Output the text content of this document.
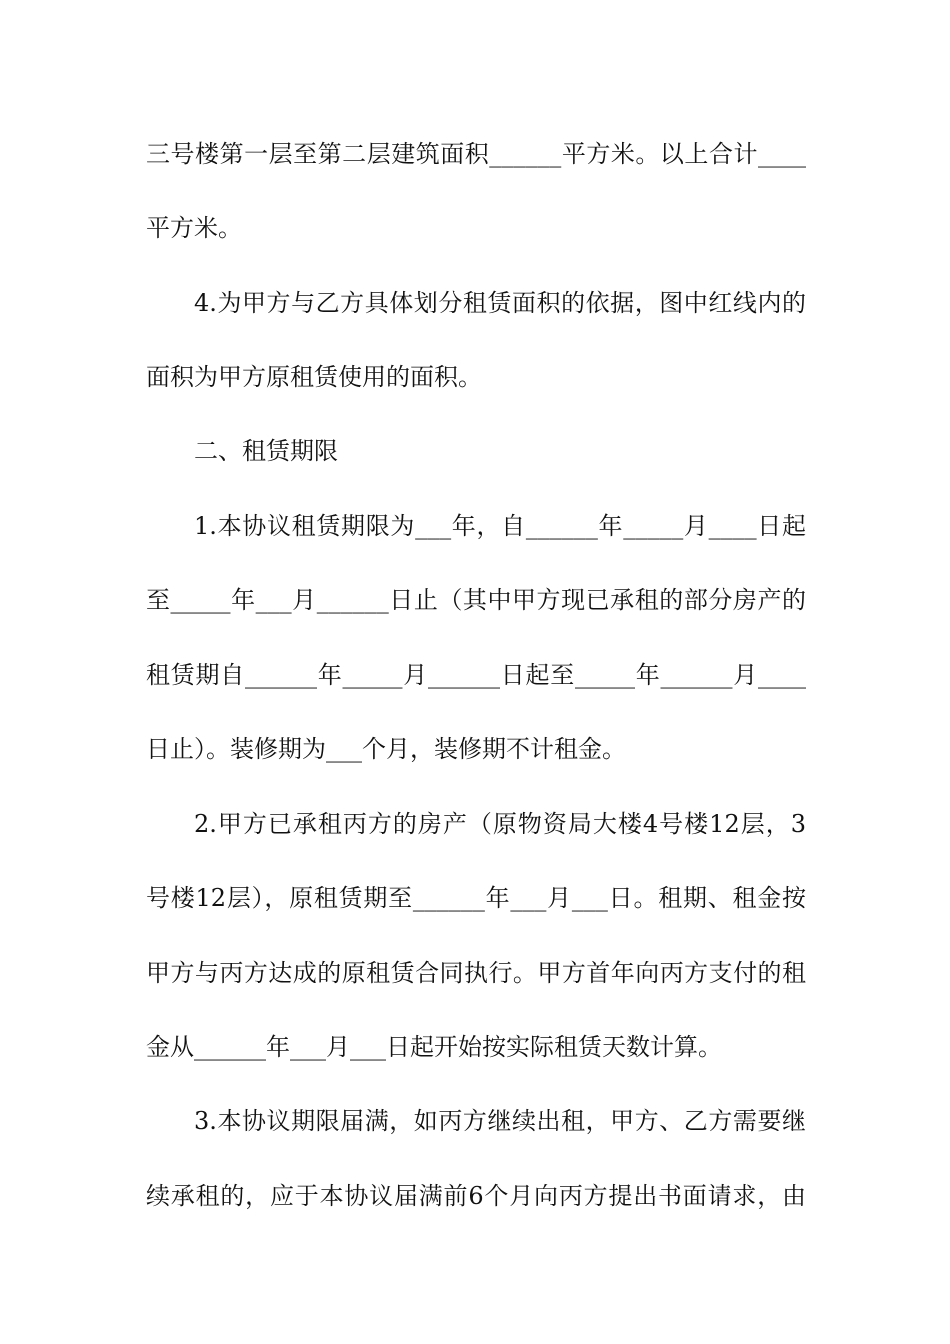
三号楼第一层至第二层建筑面积______平方米。以上合计____
平方米。
4.为甲方与乙方具体划分租赁面积的依据，图中红线内的
面积为甲方原租赁使用的面积。
二、租赁期限
1.本协议租赁期限为___年，自______年_____月____日起
至_____年___月______日止（其中甲方现已承租的部分房产的
租赁期自______年_____月______日起至_____年______月____
日止）。装修期为___个月，装修期不计租金。
2.甲方已承租丙方的房产（原物资局大楼4号楼12层，3
号楼12层），原租赁期至______年___月___日。租期、租金按
甲方与丙方达成的原租赁合同执行。甲方首年向丙方支付的租
金从______年___月___日起开始按实际租赁天数计算。
3.本协议期限届满，如丙方继续出租，甲方、乙方需要继
续承租的，应于本协议届满前6个月向丙方提出书面请求，由
